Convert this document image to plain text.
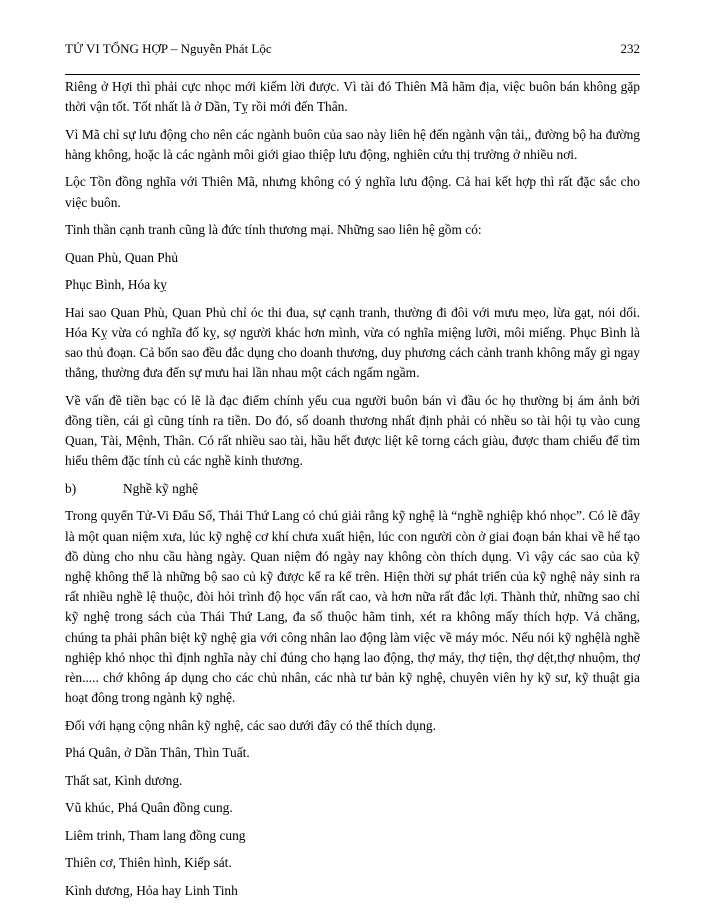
TỬ VI TỔNG HỢP – Nguyễn Phát Lộc	232

Riêng ở Hợi thì phải cực nhọc mới kiếm lời được. Vì tài đó Thiên Mã hãm địa, việc buôn bán không gặp thời vận tốt. Tốt nhất là ở Dần, Tỵ rồi mới đến Thân.

Vì Mã chỉ sự lưu động cho nên các ngành buôn của sao này liên hệ đến ngành vận tải,, đường bộ ha đường hàng không, hoặc là các ngành môi giới giao thiệp lưu động, nghiên cứu thị trường ở nhiều nơi.

Lộc Tồn đồng nghĩa với Thiên Mã, nhưng không có ý nghĩa lưu động. Cả hai kết hợp thì rất đặc sắc cho việc buôn.

Tinh thần cạnh tranh cũng là đức tính thương mại. Những sao liên hệ gồm có:

Quan Phù, Quan Phủ

Phục Bình, Hóa kỵ

Hai sao Quan Phù, Quan Phủ chỉ óc thi đua, sự cạnh tranh, thường đi đôi với mưu mẹo, lừa gạt, nói dối. Hóa Kỵ vừa có nghĩa đố kỵ, sợ người khác hơn mình, vừa có nghĩa miệng lưỡi, môi miếng. Phục Bình là sao thủ đoạn. Cả bốn sao đều đắc dụng cho doanh thương, duy phương cách cảnh tranh không mấy gì ngay thẳng, thường đưa đến sự mưu hai lần nhau một cách ngấm ngầm.

Về vấn đề tiền bạc có lẽ là đạc điểm chính yếu cua người buôn bán vì đầu óc họ thường bị ám ảnh bởi đồng tiền, cái gì cũng tính ra tiền. Do đó, số doanh thương nhất định phải có nhều so tài hội tụ vào cung Quan, Tài, Mệnh, Thân. Có rất nhiều sao tài, hầu hết được liệt kê torng cách giàu, được tham chiếu để tìm hiểu thêm đặc tính củ các nghề kinh thương.

b)	Nghề kỹ nghệ

Trong quyển Tử-Vi Đẩu Số, Thái Thứ Lang có chú giải rằng kỹ nghệ là “nghề nghiệp khó nhọc”. Có lẽ đây là một quan niệm xưa, lúc kỹ nghệ cơ khí chưa xuất hiện, lúc con người còn ở giai đoạn bán khai về hế tạo đồ dùng cho nhu cầu hàng ngày. Quan niệm đó ngày nay không còn thích dụng. Vì vậy các sao của kỹ nghệ không thể là những bộ sao củ kỹ được kể ra kể trên. Hiện thời sự phát triển của kỹ nghệ nảy sinh ra rất nhiều nghề lệ thuộc, đòi hỏi trình độ học vấn rất cao, và hơn nữa rất đắc lợi. Thành thử, những sao chỉ kỹ nghệ trong sách của Thái Thứ Lang, đa số thuộc hãm tinh, xét ra không mấy thích hợp. Vả chăng, chúng ta phải phân biệt kỹ nghệ gia với công nhân lao động làm việc về máy móc. Nếu nói kỹ nghệlà nghề nghiệp khó nhọc thì định nghĩa này chỉ đúng cho hạng lao động, thợ máy, thợ tiện, thợ dệt,thợ nhuộm, thợ rèn..... chớ không áp dụng cho các chủ nhân, các nhà tư bản kỹ nghệ, chuyên viên hy kỹ sư, kỹ thuật gia hoạt đông trong ngành kỹ nghệ.

Đối với hạng cộng nhân kỹ nghệ, các sao dưới đây có thể thích dụng.

Phá Quân, ở Dần Thân, Thìn Tuất.

Thất sat, Kình dương.

Vũ khúc, Phá Quân đồng cung.

Liêm trinh, Tham lang đồng cung

Thiên cơ, Thiên hình, Kiếp sát.

Kình dương, Hỏa hay Linh Tinh
